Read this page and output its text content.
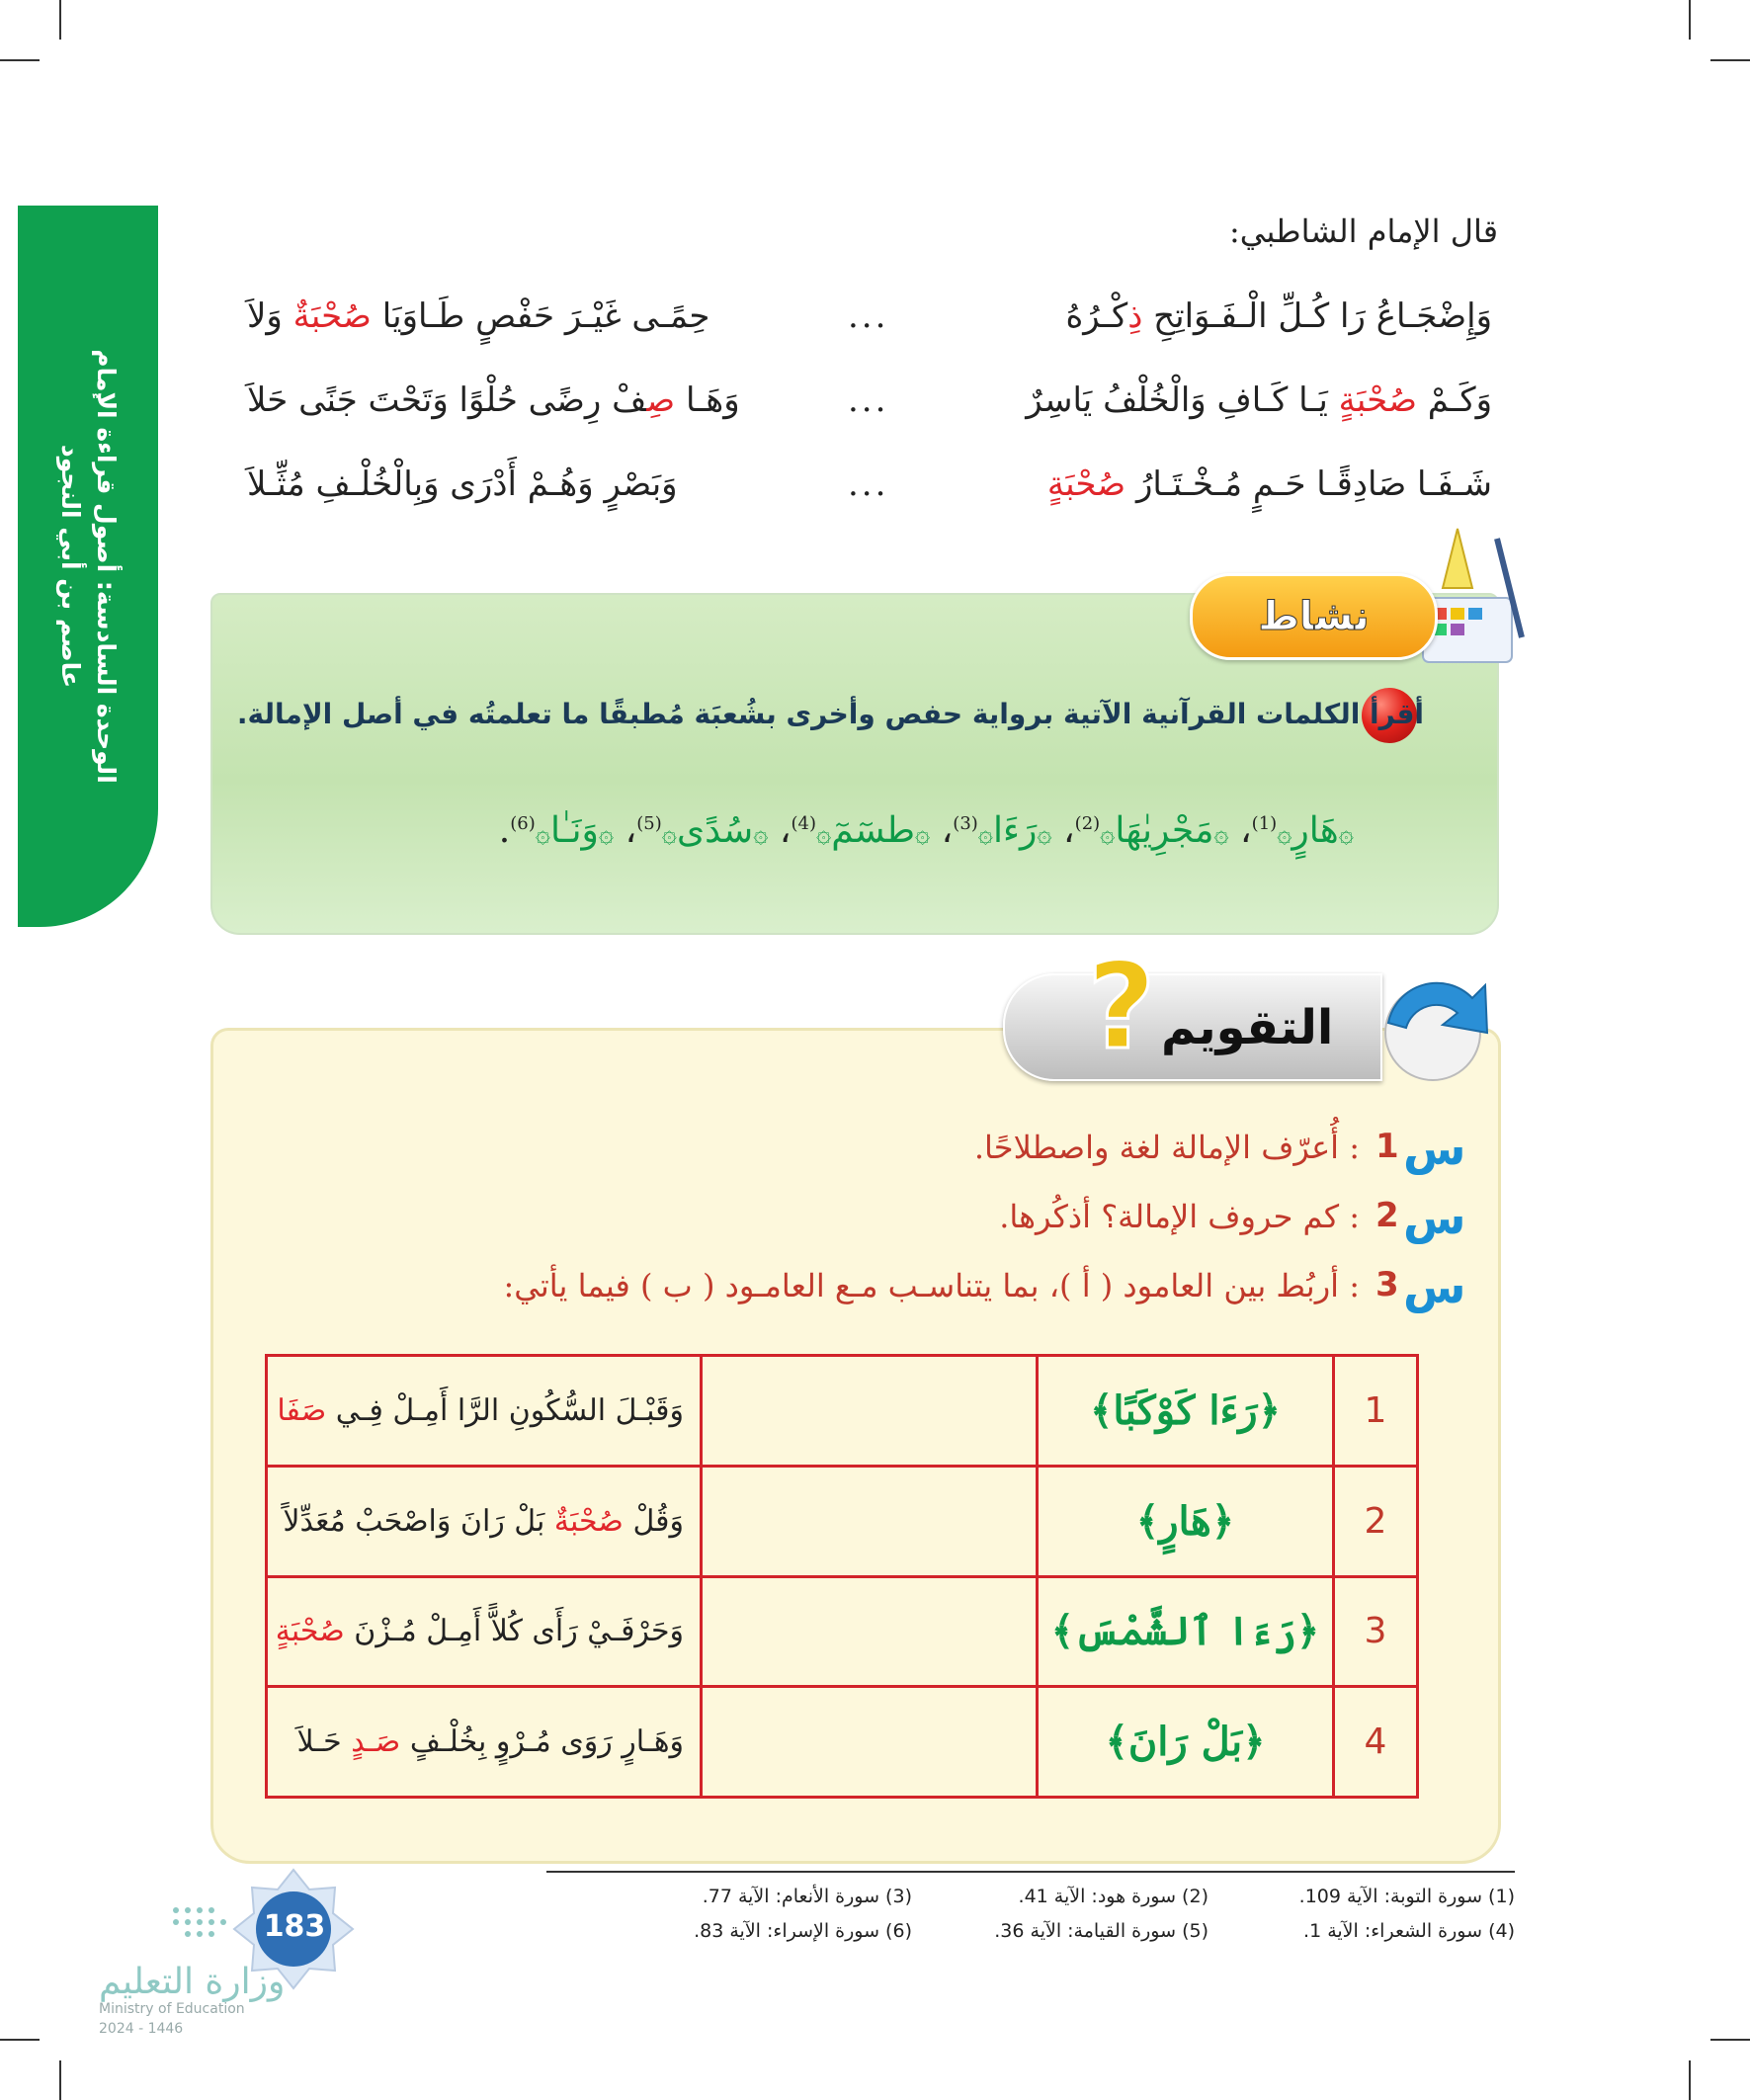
الوحدة السادسة: أصول قراءة الإمام
عاصم بن أبي النجود
قال الإمام الشاطبي:
وَإِضْجَـاعُ رَا كُـلِّ الْـفَـوَاتِحِ ذِكْـرُهُ
...
حِمًـى غَيْـرَ حَفْصٍ طَـاوَيَا صُحْبَةٌ وَلاَ
وَكَـمْ صُحْبَةٍ يَـا كَـافِ وَالْخُلْفُ يَاسِرٌ
...
وَهَـا صِفْ رِضًى حُلْوًا وَتَحْتَ جَنًى حَلاَ
شَـفَـا صَادِقًـا حَـمٍ مُـخْـتَـارُ صُحْبَةٍ
...
وَبَصْرٍ وَهُـمْ أَدْرَى وَبِالْخُلْـفِ مُثِّـلاَ
نشاط
أقرأ الكلمات القرآنية الآتية برواية حفص وأخرى بشُعبَة مُطبقًا ما تعلمتُه في أصل الإمالة.
۞هَارٍ۞$^{(1)}$، ۞مَجْرِيٰهَا۞$^{(2)}$، ۞رَءَا۞$^{(3)}$، ۞طسٓمٓ۞$^{(4)}$، ۞سُدًى۞$^{(5)}$، ۞وَنَـٰا۞$^{(6)}$.
? التقويم
س
1
: أُعرّف الإمالة لغة واصطلاحًا.
س
2
: كم حروف الإمالة؟ أذكُرها.
س
3
: أربُط بين العامود ( أ )، بما يتناسـب مـع العامـود ( ب ) فيما يأتي:
وَقَبْـلَ السُّكُونِ الرَّا أَمِـلْ فِـي صَفَا		﴿رَءَا كَوْكَبًا﴾	1
وَقُلْ صُحْبَةٌ بَلْ رَانَ وَاصْحَبْ مُعَدِّلاً		﴿هَارٍ﴾	2
وَحَرْفَـيْ رَأَى كُلاًّ أَمِـلْ مُـزْنَ صُحْبَةٍ		﴿رَءَا ٱلشَّمْسَ﴾	3
وَهَـارٍ رَوَى مُـرْوٍ بِخُلْـفٍ صَـدٍ حَـلاَ		﴿بَلْ رَانَ﴾	4
(1) سورة التوبة: الآية 109.
(2) سورة هود: الآية 41.
(3) سورة الأنعام: الآية 77.
(4) سورة الشعراء: الآية 1.
(5) سورة القيامة: الآية 36.
(6) سورة الإسراء: الآية 83.
183
وزارة التعليم
Ministry of Education
2024 - 1446
